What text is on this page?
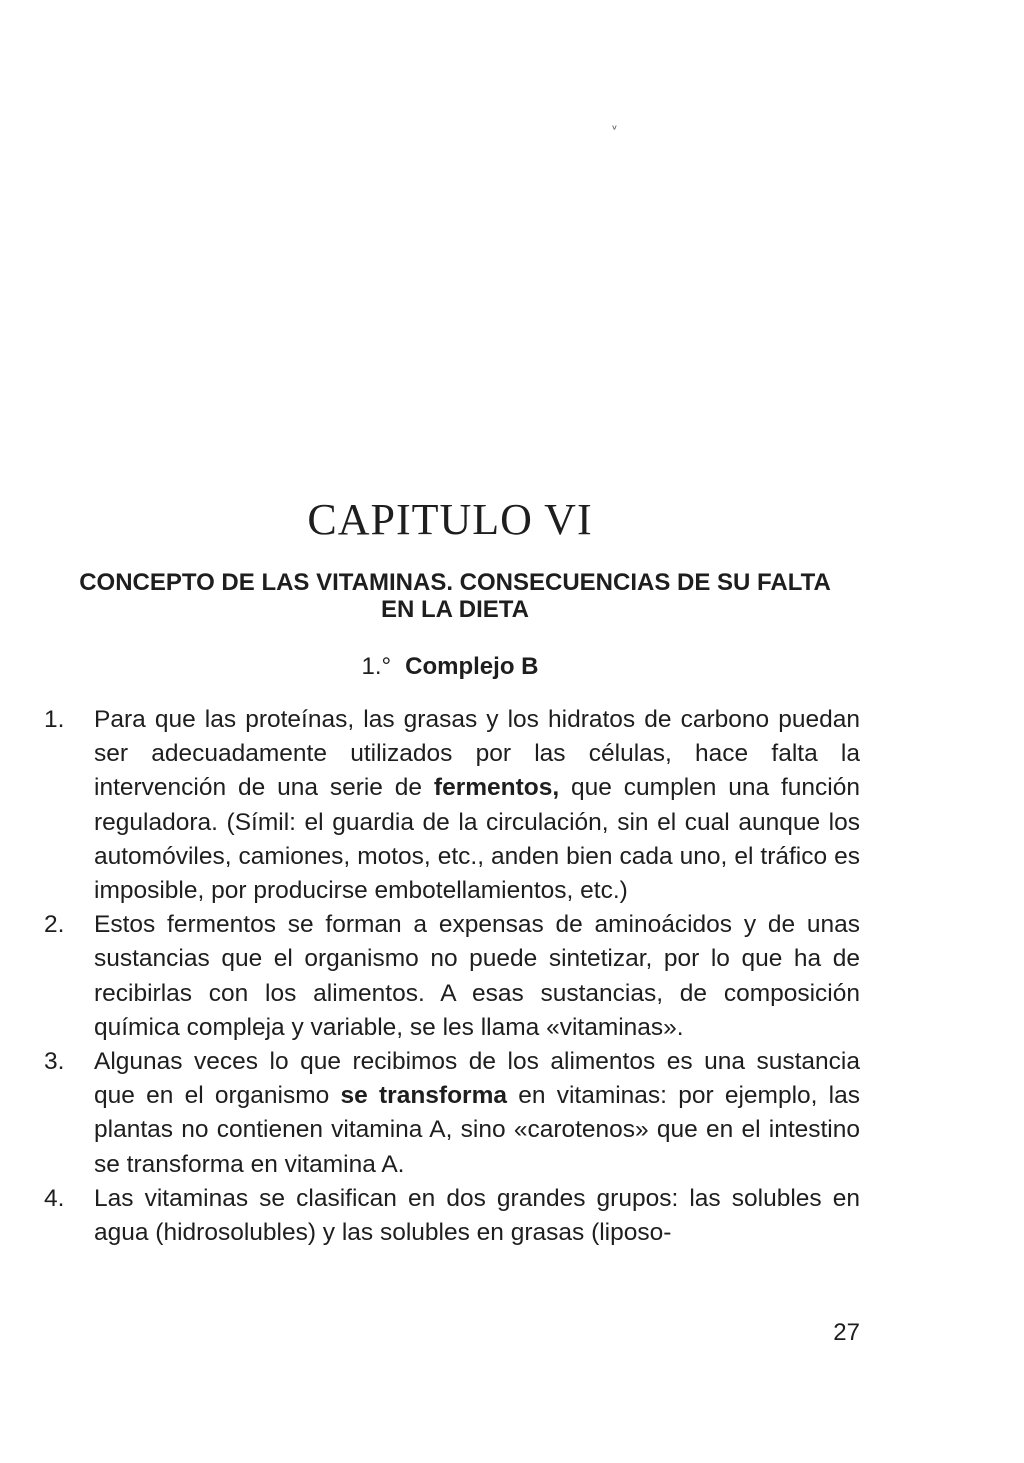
ᵛ
CAPITULO VI
CONCEPTO DE LAS VITAMINAS. CONSECUENCIAS DE SU FALTA
EN LA DIETA
1.° Complejo B
1. Para que las proteínas, las grasas y los hidratos de carbono puedan ser adecuadamente utilizados por las células, hace falta la intervención de una serie de fermentos, que cumplen una función reguladora. (Símil: el guardia de la circulación, sin el cual aunque los automóviles, camiones, motos, etc., anden bien cada uno, el tráfico es imposible, por producirse embotellamientos, etc.)
2. Estos fermentos se forman a expensas de aminoácidos y de unas sustancias que el organismo no puede sintetizar, por lo que ha de recibirlas con los alimentos. A esas sustancias, de composición química compleja y variable, se les llama «vitaminas».
3. Algunas veces lo que recibimos de los alimentos es una sustancia que en el organismo se transforma en vitaminas: por ejemplo, las plantas no contienen vitamina A, sino «carotenos» que en el intestino se transforma en vitamina A.
4. Las vitaminas se clasifican en dos grandes grupos: las solubles en agua (hidrosolubles) y las solubles en grasas (liposo-
27
